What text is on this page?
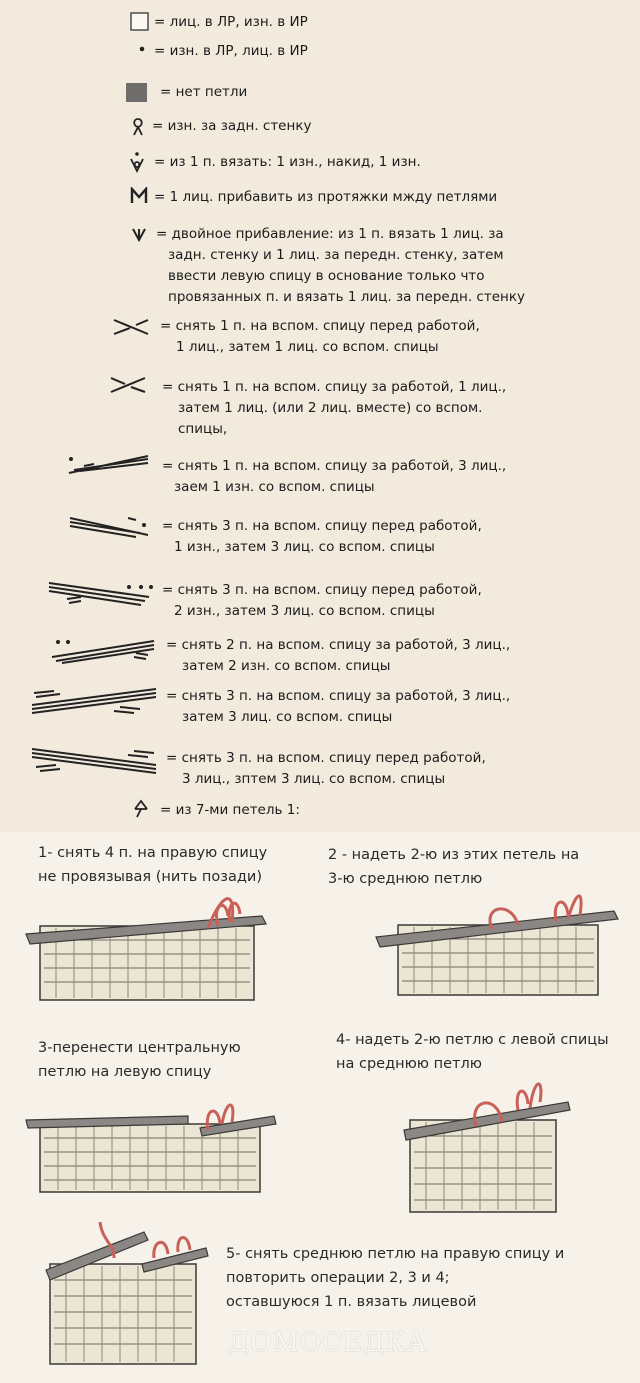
= лиц. в ЛР, изн. в ИР
= изн. в ЛР, лиц. в ИР
= нет петли
= изн. за задн. стенку
= из 1 п. вязать: 1 изн., накид, 1 изн.
= 1 лиц. прибавить из протяжки мжду петлями
= двойное прибавление: из 1 п. вязать 1 лиц. за
задн. стенку и 1 лиц. за передн. стенку, затем
ввести левую спицу в основание только что
провязанных п. и вязать 1 лиц. за передн. стенку
= снять 1 п. на вспом. спицу перед работой,
1 лиц., затем 1 лиц. со вспом. спицы
= снять 1 п. на вспом. спицу за работой, 1 лиц.,
затем 1 лиц. (или 2 лиц. вместе) со вспом.
спицы,
= снять 1 п. на вспом. спицу за работой, 3 лиц.,
заем 1 изн. со вспом. спицы
= снять 3 п. на вспом. спицу перед работой,
1 изн., затем 3 лиц. со вспом. спицы
= снять 3 п. на вспом. спицу перед работой,
2 изн., затем 3 лиц. со вспом. спицы
= снять 2 п. на вспом. спицу за работой, 3 лиц.,
затем 2 изн. со вспом. спицы
= снять 3 п. на вспом. спицу за работой, 3 лиц.,
затем 3 лиц. со вспом. спицы
= снять 3 п. на вспом. спицу перед работой,
3 лиц., зптем 3 лиц. со вспом. спицы
= из 7-ми петель 1:
1- снять 4 п. на правую спицу
не провязывая (нить позади)
2 - надеть 2-ю из этих петель на
3-ю среднюю петлю
3-перенести центральную
петлю на левую спицу
4- надеть 2-ю петлю с левой спицы
на среднюю петлю
5- снять среднюю петлю на правую спицу и
повторить операции 2, 3 и 4;
оставшуюся 1 п. вязать лицевой
ДОМОСЕДКА
